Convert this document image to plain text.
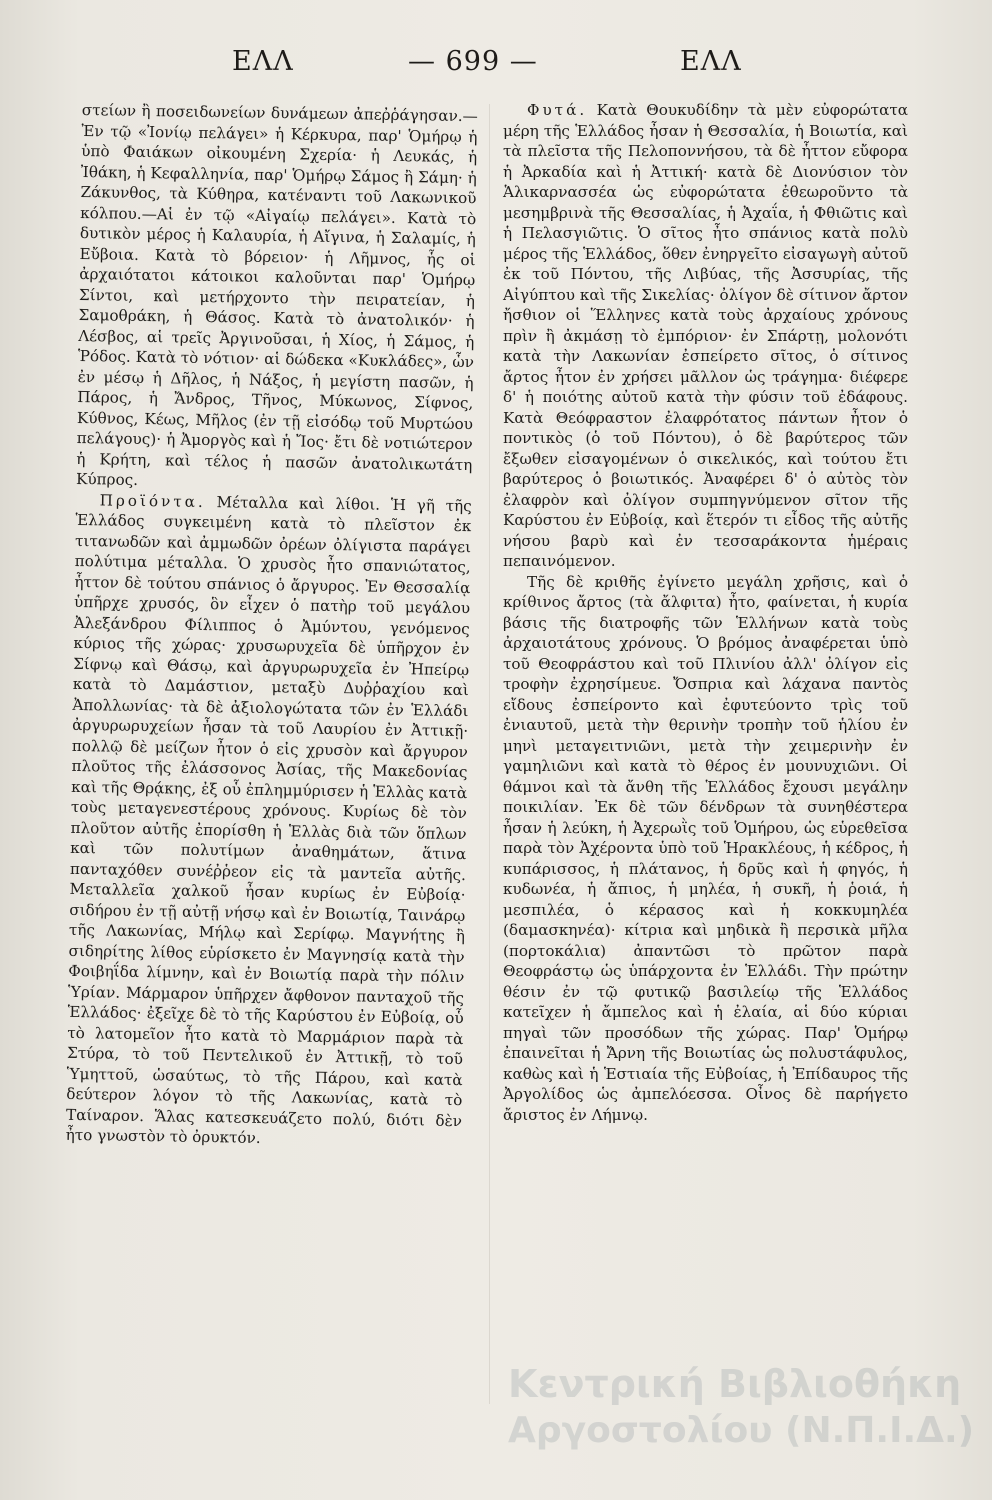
ΕΛΛ	— 699 —	ΕΛΛ

στείων ἢ ποσειδωνείων δυνάμεων ἀπεῤῥάγησαν.— Ἐν τῷ «Ἰονίῳ πελάγει» ἡ Κέρκυρα, παρ' Ὁμήρῳ ἡ ὑπὸ Φαιάκων οἰκουμένη Σχερία· ἡ Λευκάς, ἡ Ἰθάκη, ἡ Κεφαλληνία, παρ' Ὁμήρῳ Σάμος ἢ Σάμη· ἡ Ζάκυνθος, τὰ Κύθηρα, κατέναντι τοῦ Λακωνικοῦ κόλπου.—Αἱ ἐν τῷ «Αἰγαίῳ πελάγει». Κατὰ τὸ δυτικὸν μέρος ἡ Καλαυρία, ἡ Αἴγινα, ἡ Σαλαμίς, ἡ Εὔβοια. Κατὰ τὸ βόρειον· ἡ Λῆμνος, ἧς οἱ ἀρχαιότατοι κάτοικοι καλοῦνται παρ' Ὁμήρῳ Σίντοι, καὶ μετήρχοντο τὴν πειρατείαν, ἡ Σαμοθράκη, ἡ Θάσος. Κατὰ τὸ ἀνατολικόν· ἡ Λέσβος, αἱ τρεῖς Ἀργινοῦσαι, ἡ Χίος, ἡ Σάμος, ἡ Ῥόδος. Κατὰ τὸ νότιον· αἱ δώδεκα «Κυκλάδες», ὧν ἐν μέσῳ ἡ Δῆλος, ἡ Νάξος, ἡ μεγίστη πασῶν, ἡ Πάρος, ἡ Ἄνδρος, Τῆνος, Μύκωνος, Σίφνος, Κύθνος, Κέως, Μῆλος (ἐν τῇ εἰσόδῳ τοῦ Μυρτώου πελάγους)· ἡ Ἀμοργὸς καὶ ἡ Ἴος· ἔτι δὲ νοτιώτερον ἡ Κρήτη, καὶ τέλος ἡ πασῶν ἀνατολικωτάτη Κύπρος.

Προϊόντα. Μέταλλα καὶ λίθοι. Ἡ γῆ τῆς Ἑλλάδος συγκειμένη κατὰ τὸ πλεῖστον ἐκ τιτανωδῶν καὶ ἀμμωδῶν ὀρέων ὀλίγιστα παράγει πολύτιμα μέταλλα. Ὁ χρυσὸς ἦτο σπανιώτατος, ἧττον δὲ τούτου σπάνιος ὁ ἄργυρος. Ἐν Θεσσαλίᾳ ὑπῆρχε χρυσός, ὃν εἶχεν ὁ πατὴρ τοῦ μεγάλου Ἀλεξάνδρου Φίλιππος ὁ Ἀμύντου, γενόμενος κύριος τῆς χώρας· χρυσωρυχεῖα δὲ ὑπῆρχον ἐν Σίφνῳ καὶ Θάσῳ, καὶ ἀργυρωρυχεῖα ἐν Ἠπείρῳ κατὰ τὸ Δαμάστιον, μεταξὺ Δυῤῥαχίου καὶ Ἀπολλωνίας· τὰ δὲ ἀξιολογώτατα τῶν ἐν Ἑλλάδι ἀργυρωρυχείων ἦσαν τὰ τοῦ Λαυρίου ἐν Ἀττικῇ· πολλῷ δὲ μείζων ἦτον ὁ εἰς χρυσὸν καὶ ἄργυρον πλοῦτος τῆς ἐλάσσονος Ἀσίας, τῆς Μακεδονίας καὶ τῆς Θρᾴκης, ἐξ οὗ ἐπλημμύρισεν ἡ Ἑλλὰς κατὰ τοὺς μεταγενεστέρους χρόνους. Κυρίως δὲ τὸν πλοῦτον αὐτῆς ἐπορίσθη ἡ Ἑλλὰς διὰ τῶν ὅπλων καὶ τῶν πολυτίμων ἀναθημάτων, ἅτινα πανταχόθεν συνέῤῥεον εἰς τὰ μαντεῖα αὐτῆς. Μεταλλεῖα χαλκοῦ ἦσαν κυρίως ἐν Εὐβοίᾳ· σιδήρου ἐν τῇ αὐτῇ νήσῳ καὶ ἐν Βοιωτίᾳ, Ταινάρῳ τῆς Λακωνίας, Μήλῳ καὶ Σερίφῳ. Μαγνήτης ἢ σιδηρίτης λίθος εὑρίσκετο ἐν Μαγνησίᾳ κατὰ τὴν Φοιβηΐδα λίμνην, καὶ ἐν Βοιωτίᾳ παρὰ τὴν πόλιν Ὑρίαν. Μάρμαρον ὑπῆρχεν ἄφθονον πανταχοῦ τῆς Ἑλλάδος· ἐξεῖχε δὲ τὸ τῆς Καρύστου ἐν Εὐβοίᾳ, οὗ τὸ λατομεῖον ἦτο κατὰ τὸ Μαρμάριον παρὰ τὰ Στύρα, τὸ τοῦ Πεντελικοῦ ἐν Ἀττικῇ, τὸ τοῦ Ὑμηττοῦ, ὡσαύτως, τὸ τῆς Πάρου, καὶ κατὰ δεύτερον λόγον τὸ τῆς Λακωνίας, κατὰ τὸ Ταίναρον. Ἅλας κατεσκευάζετο πολύ, διότι δὲν ἦτο γνωστὸν τὸ ὀρυκτόν.

Φυτά. Κατὰ Θουκυδίδην τὰ μὲν εὐφορώτατα μέρη τῆς Ἑλλάδος ἦσαν ἡ Θεσσαλία, ἡ Βοιωτία, καὶ τὰ πλεῖστα τῆς Πελοποννήσου, τὰ δὲ ἧττον εὔφορα ἡ Ἀρκαδία καὶ ἡ Ἀττική· κατὰ δὲ Διονύσιον τὸν Ἁλικαρνασσέα ὡς εὐφορώτατα ἐθεωροῦντο τὰ μεσημβρινὰ τῆς Θεσσαλίας, ἡ Ἀχαΐα, ἡ Φθιῶτις καὶ ἡ Πελασγιῶτις. Ὁ σῖτος ἦτο σπάνιος κατὰ πολὺ μέρος τῆς Ἑλλάδος, ὅθεν ἐνηργεῖτο εἰσαγωγὴ αὐτοῦ ἐκ τοῦ Πόντου, τῆς Λιβύας, τῆς Ἀσσυρίας, τῆς Αἰγύπτου καὶ τῆς Σικελίας· ὀλίγον δὲ σίτινον ἄρτον ἤσθιον οἱ Ἕλληνες κατὰ τοὺς ἀρχαίους χρόνους πρὶν ἢ ἀκμάσῃ τὸ ἐμπόριον· ἐν Σπάρτῃ, μολονότι κατὰ τὴν Λακωνίαν ἐσπείρετο σῖτος, ὁ σίτινος ἄρτος ἦτον ἐν χρήσει μᾶλλον ὡς τράγημα· διέφερε δ' ἡ ποιότης αὐτοῦ κατὰ τὴν φύσιν τοῦ ἐδάφους. Κατὰ Θεόφραστον ἐλαφρότατος πάντων ἦτον ὁ ποντικὸς (ὁ τοῦ Πόντου), ὁ δὲ βαρύτερος τῶν ἔξωθεν εἰσαγομένων ὁ σικελικός, καὶ τούτου ἔτι βαρύτερος ὁ βοιωτικός. Ἀναφέρει δ' ὁ αὐτὸς τὸν ἐλαφρὸν καὶ ὀλίγον συμπηγνύμενον σῖτον τῆς Καρύστου ἐν Εὐβοίᾳ, καὶ ἕτερόν τι εἶδος τῆς αὐτῆς νήσου βαρὺ καὶ ἐν τεσσαράκοντα ἡμέραις πεπαινόμενον.

Τῆς δὲ κριθῆς ἐγίνετο μεγάλη χρῆσις, καὶ ὁ κρίθινος ἄρτος (τὰ ἄλφιτα) ἦτο, φαίνεται, ἡ κυρία βάσις τῆς διατροφῆς τῶν Ἑλλήνων κατὰ τοὺς ἀρχαιοτάτους χρόνους. Ὁ βρόμος ἀναφέρεται ὑπὸ τοῦ Θεοφράστου καὶ τοῦ Πλινίου ἀλλ' ὀλίγον εἰς τροφὴν ἐχρησίμευε. Ὄσπρια καὶ λάχανα παντὸς εἴδους ἐσπείροντο καὶ ἐφυτεύοντο τρὶς τοῦ ἐνιαυτοῦ, μετὰ τὴν θερινὴν τροπὴν τοῦ ἡλίου ἐν μηνὶ μεταγειτνιῶνι, μετὰ τὴν χειμερινὴν ἐν γαμηλιῶνι καὶ κατὰ τὸ θέρος ἐν μουνυχιῶνι. Οἱ θάμνοι καὶ τὰ ἄνθη τῆς Ἑλλάδος ἔχουσι μεγάλην ποικιλίαν. Ἐκ δὲ τῶν δένδρων τὰ συνηθέστερα ἦσαν ἡ λεύκη, ἡ Ἀχερωῒς τοῦ Ὁμήρου, ὡς εὑρεθεῖσα παρὰ τὸν Ἀχέροντα ὑπὸ τοῦ Ἡρακλέους, ἡ κέδρος, ἡ κυπάρισσος, ἡ πλάτανος, ἡ δρῦς καὶ ἡ φηγός, ἡ κυδωνέα, ἡ ἄπιος, ἡ μηλέα, ἡ συκῆ, ἡ ῥοιά, ἡ μεσπιλέα, ὁ κέρασος καὶ ἡ κοκκυμηλέα (δαμασκηνέα)· κίτρια καὶ μηδικὰ ἢ περσικὰ μῆλα (πορτοκάλια) ἀπαντῶσι τὸ πρῶτον παρὰ Θεοφράστῳ ὡς ὑπάρχοντα ἐν Ἑλλάδι. Τὴν πρώτην θέσιν ἐν τῷ φυτικῷ βασιλείῳ τῆς Ἑλλάδος κατεῖχεν ἡ ἄμπελος καὶ ἡ ἐλαία, αἱ δύο κύριαι πηγαὶ τῶν προσόδων τῆς χώρας. Παρ' Ὁμήρῳ ἐπαινεῖται ἡ Ἄρνη τῆς Βοιωτίας ὡς πολυστάφυλος, καθὼς καὶ ἡ Ἑστιαία τῆς Εὐβοίας, ἡ Ἐπίδαυρος τῆς Ἀργολίδος ὡς ἀμπελόεσσα. Οἶνος δὲ παρήγετο ἄριστος ἐν Λήμνῳ.

Κεντρική Βιβλιοθήκη
Αργοστολίου (Ν.Π.Ι.Δ.)
